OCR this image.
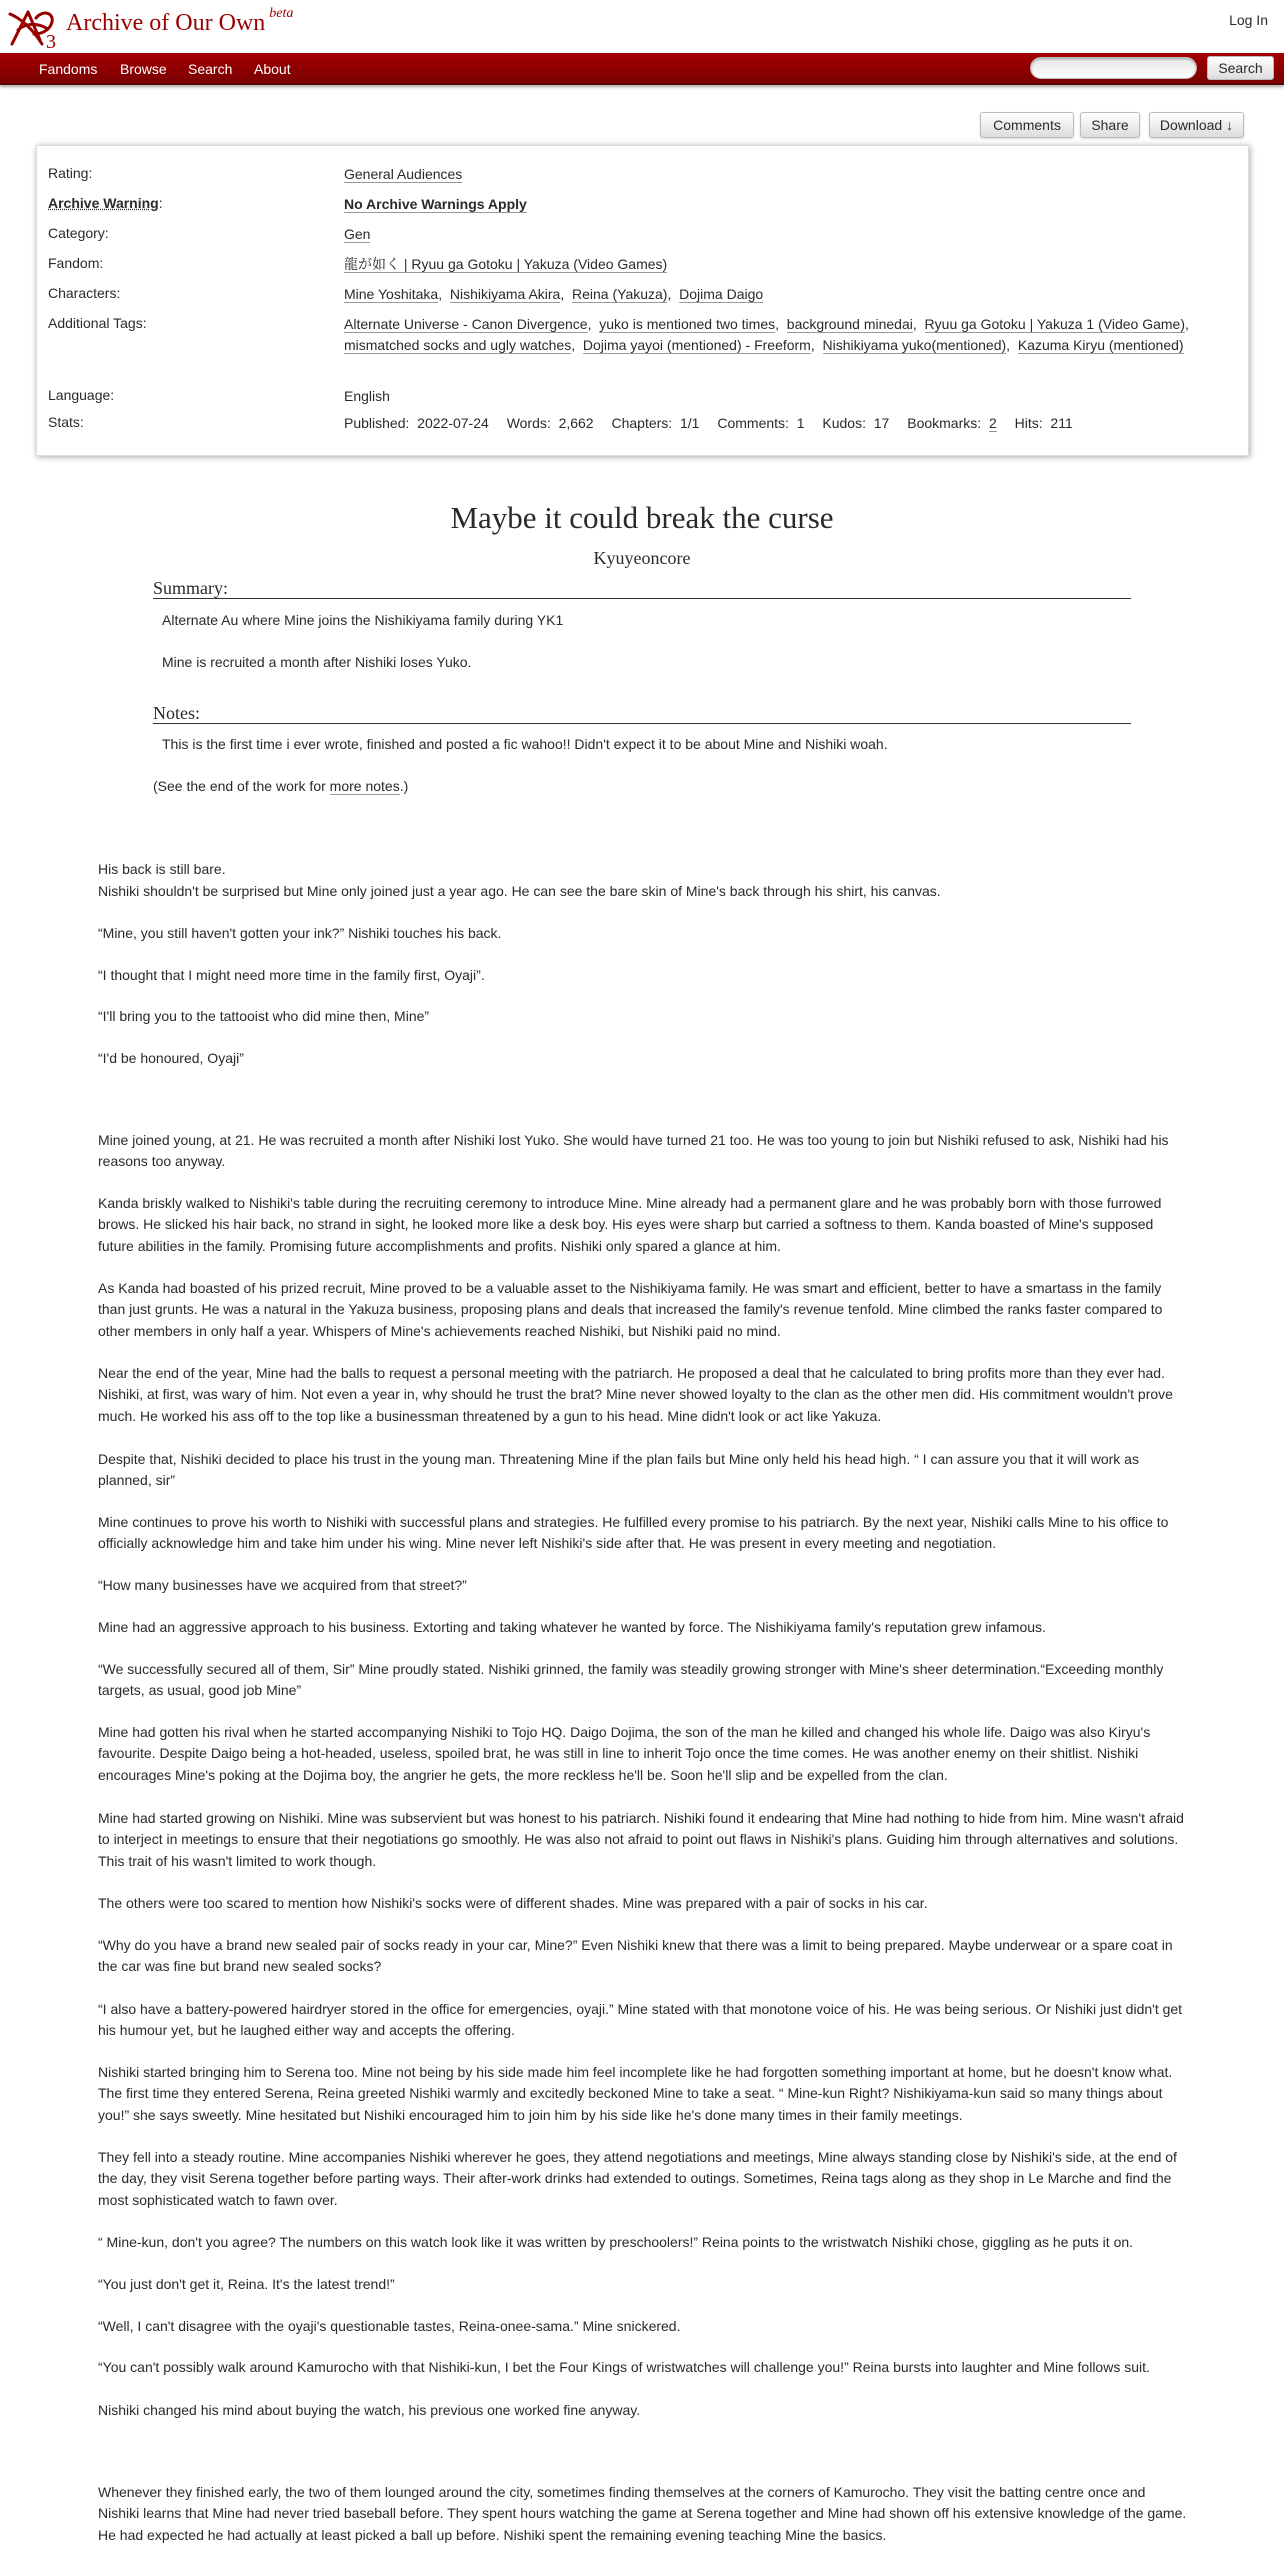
3
Archive of Our Own $^{beta}$	Log In
Fandoms Browse Search About	Search
Comments	Share	Download ↓
Rating:	General Audiences
Archive Warning:	No Archive Warnings Apply
Category:	Gen
Fandom:	龍が如く | Ryuu ga Gotoku | Yakuza (Video Games)
Characters:	Mine Yoshitaka,  Nishikiyama Akira,  Reina (Yakuza),  Dojima Daigo
Additional Tags:	Alternate Universe - Canon Divergence,  yuko is mentioned two times,  background minedai,  Ryuu ga Gotoku | Yakuza 1 (Video Game),  mismatched socks and ugly watches,  Dojima yayoi (mentioned) - Freeform,  Nishikiyama yuko(mentioned),  Kazuma Kiryu (mentioned)
Language:	English
Stats:	Published: 2022-07-24 Words: 2,662 Chapters: 1/1 Comments: 1 Kudos: 17 Bookmarks: 2 Hits: 211
Maybe it could break the curse
Kyuyeoncore
Summary:
Alternate Au where Mine joins the Nishikiyama family during YK1
Mine is recruited a month after Nishiki loses Yuko.
Notes:
This is the first time i ever wrote, finished and posted a fic wahoo!! Didn't expect it to be about Mine and Nishiki woah.
(See the end of the work for more notes.)

His back is still bare.

Nishiki shouldn't be surprised but Mine only joined just a year ago. He can see the bare skin of Mine's back through his shirt, his canvas.

“Mine, you still haven't gotten your ink?” Nishiki touches his back.

“I thought that I might need more time in the family first, Oyaji”.

“I'll bring you to the tattooist who did mine then, Mine”

“I'd be honoured, Oyaji”

Mine joined young, at 21. He was recruited a month after Nishiki lost Yuko. She would have turned 21 too. He was too young to join but Nishiki refused to ask, Nishiki had his reasons too anyway.

Kanda briskly walked to Nishiki's table during the recruiting ceremony to introduce Mine. Mine already had a permanent glare and he was probably born with those furrowed brows. He slicked his hair back, no strand in sight, he looked more like a desk boy. His eyes were sharp but carried a softness to them. Kanda boasted of Mine's supposed future abilities in the family. Promising future accomplishments and profits. Nishiki only spared a glance at him.

As Kanda had boasted of his prized recruit, Mine proved to be a valuable asset to the Nishikiyama family. He was smart and efficient, better to have a smartass in the family than just grunts. He was a natural in the Yakuza business, proposing plans and deals that increased the family's revenue tenfold. Mine climbed the ranks faster compared to other members in only half a year. Whispers of Mine's achievements reached Nishiki, but Nishiki paid no mind.

Near the end of the year, Mine had the balls to request a personal meeting with the patriarch. He proposed a deal that he calculated to bring profits more than they ever had. Nishiki, at first, was wary of him. Not even a year in, why should he trust the brat? Mine never showed loyalty to the clan as the other men did. His commitment wouldn't prove much. He worked his ass off to the top like a businessman threatened by a gun to his head. Mine didn't look or act like Yakuza.

Despite that, Nishiki decided to place his trust in the young man. Threatening Mine if the plan fails but Mine only held his head high. “ I can assure you that it will work as planned, sir”

Mine continues to prove his worth to Nishiki with successful plans and strategies. He fulfilled every promise to his patriarch. By the next year, Nishiki calls Mine to his office to officially acknowledge him and take him under his wing. Mine never left Nishiki's side after that. He was present in every meeting and negotiation.

“How many businesses have we acquired from that street?”

Mine had an aggressive approach to his business. Extorting and taking whatever he wanted by force. The Nishikiyama family's reputation grew infamous.

“We successfully secured all of them, Sir” Mine proudly stated. Nishiki grinned, the family was steadily growing stronger with Mine's sheer determination.“Exceeding monthly targets, as usual, good job Mine”

Mine had gotten his rival when he started accompanying Nishiki to Tojo HQ. Daigo Dojima, the son of the man he killed and changed his whole life. Daigo was also Kiryu's favourite. Despite Daigo being a hot-headed, useless, spoiled brat, he was still in line to inherit Tojo once the time comes. He was another enemy on their shitlist. Nishiki encourages Mine's poking at the Dojima boy, the angrier he gets, the more reckless he'll be. Soon he'll slip and be expelled from the clan.

Mine had started growing on Nishiki. Mine was subservient but was honest to his patriarch. Nishiki found it endearing that Mine had nothing to hide from him. Mine wasn't afraid to interject in meetings to ensure that their negotiations go smoothly. He was also not afraid to point out flaws in Nishiki's plans. Guiding him through alternatives and solutions. This trait of his wasn't limited to work though.

The others were too scared to mention how Nishiki's socks were of different shades. Mine was prepared with a pair of socks in his car.

“Why do you have a brand new sealed pair of socks ready in your car, Mine?” Even Nishiki knew that there was a limit to being prepared. Maybe underwear or a spare coat in the car was fine but brand new sealed socks?

“I also have a battery-powered hairdryer stored in the office for emergencies, oyaji.” Mine stated with that monotone voice of his. He was being serious. Or Nishiki just didn't get his humour yet, but he laughed either way and accepts the offering.

Nishiki started bringing him to Serena too. Mine not being by his side made him feel incomplete like he had forgotten something important at home, but he doesn't know what. The first time they entered Serena, Reina greeted Nishiki warmly and excitedly beckoned Mine to take a seat. “ Mine-kun Right? Nishikiyama-kun said so many things about you!” she says sweetly. Mine hesitated but Nishiki encouraged him to join him by his side like he's done many times in their family meetings.

They fell into a steady routine. Mine accompanies Nishiki wherever he goes, they attend negotiations and meetings, Mine always standing close by Nishiki's side, at the end of the day, they visit Serena together before parting ways. Their after-work drinks had extended to outings. Sometimes, Reina tags along as they shop in Le Marche and find the most sophisticated watch to fawn over.

“ Mine-kun, don't you agree? The numbers on this watch look like it was written by preschoolers!” Reina points to the wristwatch Nishiki chose, giggling as he puts it on.

“You just don't get it, Reina. It's the latest trend!”

“Well, I can't disagree with the oyaji's questionable tastes, Reina-onee-sama.” Mine snickered.

“You can't possibly walk around Kamurocho with that Nishiki-kun, I bet the Four Kings of wristwatches will challenge you!” Reina bursts into laughter and Mine follows suit.

Nishiki changed his mind about buying the watch, his previous one worked fine anyway.

Whenever they finished early, the two of them lounged around the city, sometimes finding themselves at the corners of Kamurocho. They visit the batting centre once and Nishiki learns that Mine had never tried baseball before. They spent hours watching the game at Serena together and Mine had shown off his extensive knowledge of the game. He had expected he had actually at least picked a ball up before. Nishiki spent the remaining evening teaching Mine the basics.
